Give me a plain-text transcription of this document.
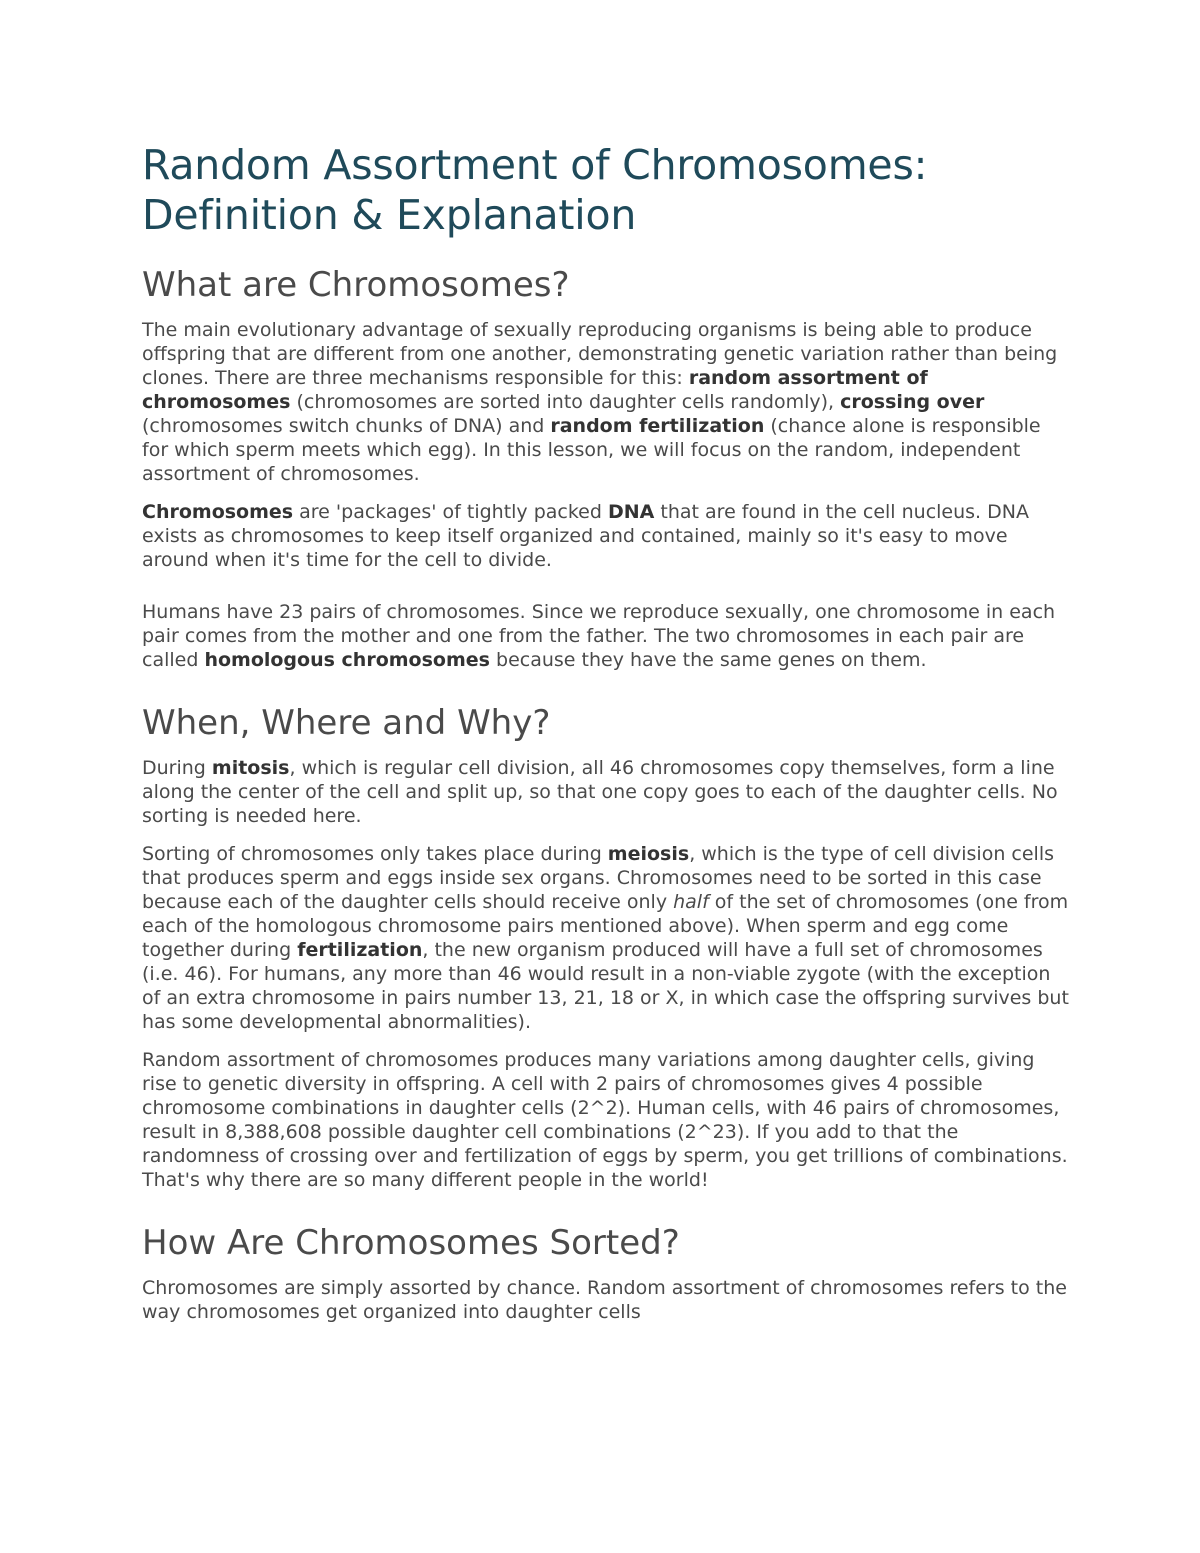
Random Assortment of Chromosomes: Definition & Explanation
What are Chromosomes?

The main evolutionary advantage of sexually reproducing organisms is being able to produce offspring that are different from one another, demonstrating genetic variation rather than being clones. There are three mechanisms responsible for this: random assortment of chromosomes (chromosomes are sorted into daughter cells randomly), crossing over (chromosomes switch chunks of DNA) and random fertilization (chance alone is responsible for which sperm meets which egg). In this lesson, we will focus on the random, independent assortment of chromosomes.

Chromosomes are 'packages' of tightly packed DNA that are found in the cell nucleus. DNA exists as chromosomes to keep itself organized and contained, mainly so it's easy to move around when it's time for the cell to divide.

Humans have 23 pairs of chromosomes. Since we reproduce sexually, one chromosome in each pair comes from the mother and one from the father. The two chromosomes in each pair are called homologous chromosomes because they have the same genes on them.

When, Where and Why?

During mitosis, which is regular cell division, all 46 chromosomes copy themselves, form a line along the center of the cell and split up, so that one copy goes to each of the daughter cells. No sorting is needed here.

Sorting of chromosomes only takes place during meiosis, which is the type of cell division cells that produces sperm and eggs inside sex organs. Chromosomes need to be sorted in this case because each of the daughter cells should receive only half of the set of chromosomes (one from each of the homologous chromosome pairs mentioned above). When sperm and egg come together during fertilization, the new organism produced will have a full set of chromosomes (i.e. 46). For humans, any more than 46 would result in a non-viable zygote (with the exception of an extra chromosome in pairs number 13, 21, 18 or X, in which case the offspring survives but has some developmental abnormalities).

Random assortment of chromosomes produces many variations among daughter cells, giving rise to genetic diversity in offspring. A cell with 2 pairs of chromosomes gives 4 possible chromosome combinations in daughter cells (2^2). Human cells, with 46 pairs of chromosomes, result in 8,388,608 possible daughter cell combinations (2^23). If you add to that the randomness of crossing over and fertilization of eggs by sperm, you get trillions of combinations. That's why there are so many different people in the world!

How Are Chromosomes Sorted?

Chromosomes are simply assorted by chance. Random assortment of chromosomes refers to the way chromosomes get organized into daughter cells
